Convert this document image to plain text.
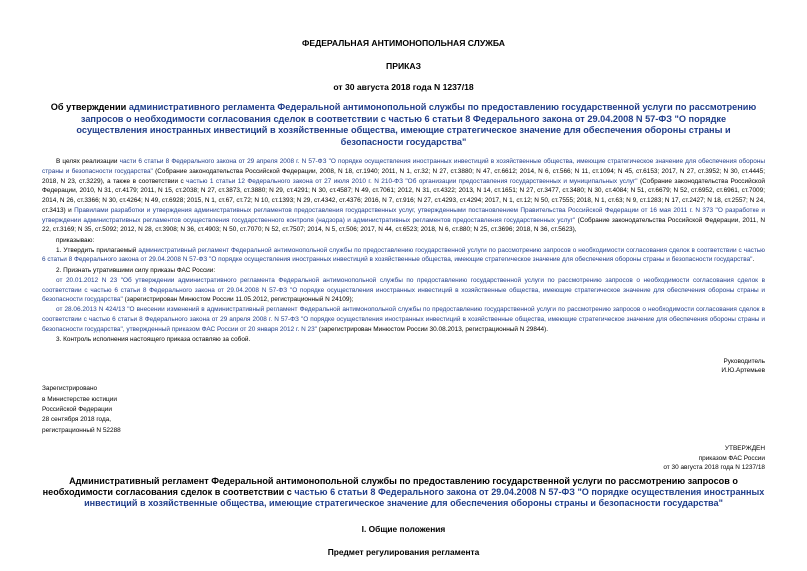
ФЕДЕРАЛЬНАЯ АНТИМОНОПОЛЬНАЯ СЛУЖБА
ПРИКАЗ
от 30 августа 2018 года N 1237/18
Об утверждении административного регламента Федеральной антимонопольной службы по предоставлению государственной услуги по рассмотрению запросов о необходимости согласования сделок в соответствии с частью 6 статьи 8 Федерального закона от 29.04.2008 N 57-ФЗ "О порядке осуществления иностранных инвестиций в хозяйственные общества, имеющие стратегическое значение для обеспечения обороны страны и безопасности государства"

В целях реализации части 6 статьи 8 Федерального закона от 29 апреля 2008 г. N 57-ФЗ "О порядке осуществления иностранных инвестиций в хозяйственные общества, имеющие стратегическое значение для обеспечения обороны страны и безопасности государства" (Собрание законодательства Российской Федерации, 2008, N 18, ст.1940; 2011, N 1, ст.32; N 27, ст.3880; N 47, ст.6612; 2014, N 6, ст.566; N 11, ст.1094; N 45, ст.6153; 2017, N 27, ст.3952; N 30, ст.4445; 2018, N 23, ст.3229), а также в соответствии с частью 1 статьи 12 Федерального закона от 27 июля 2010 г. N 210-ФЗ "Об организации предоставления государственных и муниципальных услуг" (Собрание законодательства Российской Федерации, 2010, N 31, ст.4179; 2011, N 15, ст.2038; N 27, ст.3873, ст.3880; N 29, ст.4291; N 30, ст.4587; N 49, ст.7061; 2012, N 31, ст.4322; 2013, N 14, ст.1651; N 27, ст.3477, ст.3480; N 30, ст.4084; N 51, ст.6679; N 52, ст.6952, ст.6961, ст.7009; 2014, N 26, ст.3366; N 30, ст.4264; N 49, ст.6928; 2015, N 1, ст.67, ст.72; N 10, ст.1393; N 29, ст.4342, ст.4376; 2016, N 7, ст.916; N 27, ст.4293, ст.4294; 2017, N 1, ст.12; N 50, ст.7555; 2018, N 1, ст.63; N 9, ст.1283; N 17, ст.2427; N 18, ст.2557; N 24, ст.3413) и Правилами разработки и утверждения административных регламентов предоставления государственных услуг, утвержденными постановлением Правительства Российской Федерации от 16 мая 2011 г. N 373 "О разработке и утверждении административных регламентов осуществления государственного контроля (надзора) и административных регламентов предоставления государственных услуг" (Собрание законодательства Российской Федерации, 2011, N 22, ст.3169; N 35, ст.5092; 2012, N 28, ст.3908; N 36, ст.4903; N 50, ст.7070; N 52, ст.7507; 2014, N 5, ст.506; 2017, N 44, ст.6523; 2018, N 6, ст.880; N 25, ст.3696; 2018, N 36, ст.5623),

приказываю:

1. Утвердить прилагаемый административный регламент Федеральной антимонопольной службы по предоставлению государственной услуги по рассмотрению запросов о необходимости согласования сделок в соответствии с частью 6 статьи 8 Федерального закона от 29.04.2008 N 57-ФЗ "О порядке осуществления иностранных инвестиций в хозяйственные общества, имеющие стратегическое значение для обеспечения обороны страны и безопасности государства".

2. Признать утратившими силу приказы ФАС России:

от 20.01.2012 N 23 "Об утверждении административного регламента Федеральной антимонопольной службы по предоставлению государственной услуги по рассмотрению запросов о необходимости согласования сделок в соответствии с частью 6 статьи 8 Федерального закона от 29.04.2008 N 57-ФЗ "О порядке осуществления иностранных инвестиций в хозяйственные общества, имеющие стратегическое значение для обеспечения обороны страны и безопасности государства" (зарегистрирован Минюстом России 11.05.2012, регистрационный N 24109);

от 28.06.2013 N 424/13 "О внесении изменений в административный регламент Федеральной антимонопольной службы по предоставлению государственной услуги по рассмотрению запросов о необходимости согласования сделок в соответствии с частью 6 статьи 8 Федерального закона от 29 апреля 2008 г. N 57-ФЗ "О порядке осуществления иностранных инвестиций в хозяйственные общества, имеющие стратегическое значение для обеспечения обороны страны и безопасности государства", утвержденный приказом ФАС России от 20 января 2012 г. N 23" (зарегистрирован Минюстом России 30.08.2013, регистрационный N 29844).

3. Контроль исполнения настоящего приказа оставляю за собой.

Руководитель
И.Ю.Артемьев
Зарегистрировано
в Министерстве юстиции
Российской Федерации
28 сентября 2018 года,
регистрационный N 52288
УТВЕРЖДЕН
приказом ФАС России
от 30 августа 2018 года N 1237/18
Административный регламент Федеральной антимонопольной службы по предоставлению государственной услуги по рассмотрению запросов о необходимости согласования сделок в соответствии с частью 6 статьи 8 Федерального закона от 29.04.2008 N 57-ФЗ "О порядке осуществления иностранных инвестиций в хозяйственные общества, имеющие стратегическое значение для обеспечения обороны страны и безопасности государства"
I. Общие положения
Предмет регулирования регламента
